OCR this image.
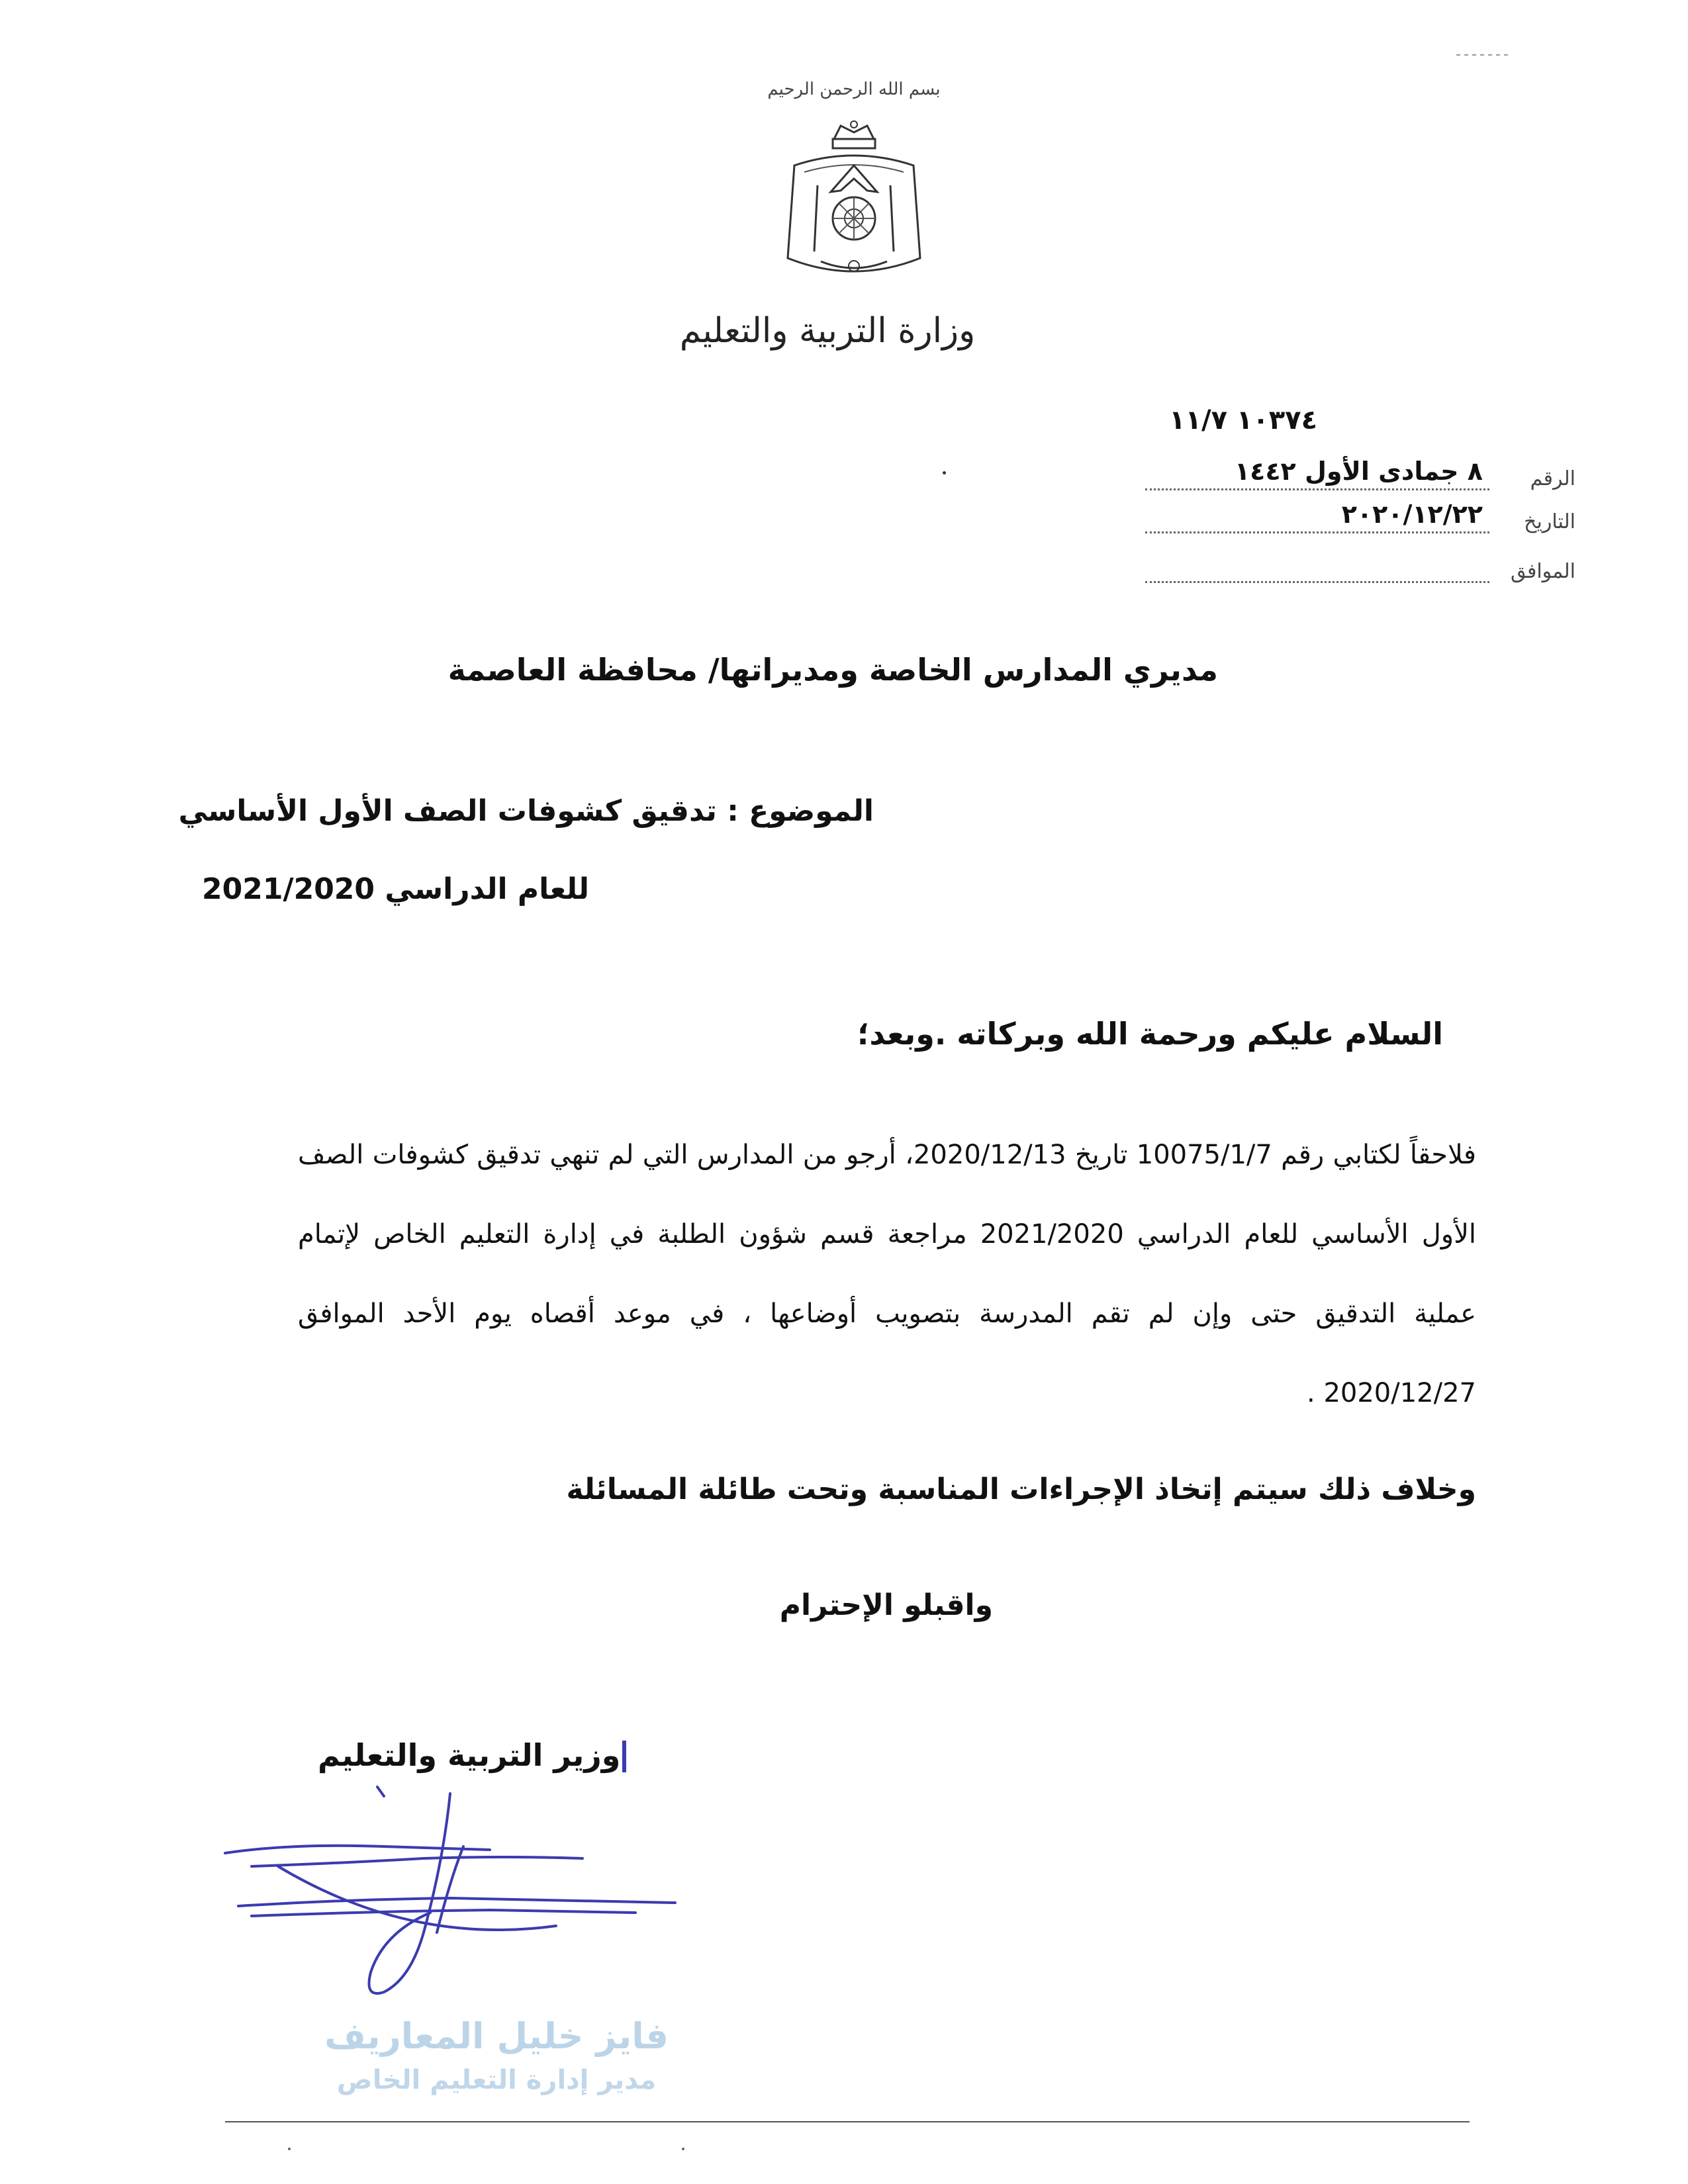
بسم الله الرحمن الرحيم
وزارة التربية والتعليم
١٠٣٧٤ ١١/٧
الرقم
٨ جمادى الأول ١٤٤٢
التاريخ
٢٠٢٠/١٢/٢٢
الموافق
مديري المدارس الخاصة ومديراتها/ محافظة العاصمة
الموضوع : تدقيق كشوفات الصف الأول الأساسي
للعام الدراسي 2021/2020
السلام عليكم ورحمة الله وبركاته .وبعد؛
فلاحقاً لكتابي رقم 10075/1/7 تاريخ 2020/12/13، أرجو من المدارس التي لم تنهي تدقيق كشوفات الصف الأول الأساسي للعام الدراسي 2021/2020 مراجعة قسم شؤون الطلبة في إدارة التعليم الخاص لإتمام عملية التدقيق حتى وإن لم تقم المدرسة بتصويب أوضاعها ، في موعد أقصاه يوم الأحد الموافق 2020/12/27 .
وخلاف ذلك سيتم إتخاذ الإجراءات المناسبة وتحت طائلة المسائلة
واقبلو الإحترام
وزير التربية والتعليم
فايز خليل المعاريف
مدير إدارة التعليم الخاص
